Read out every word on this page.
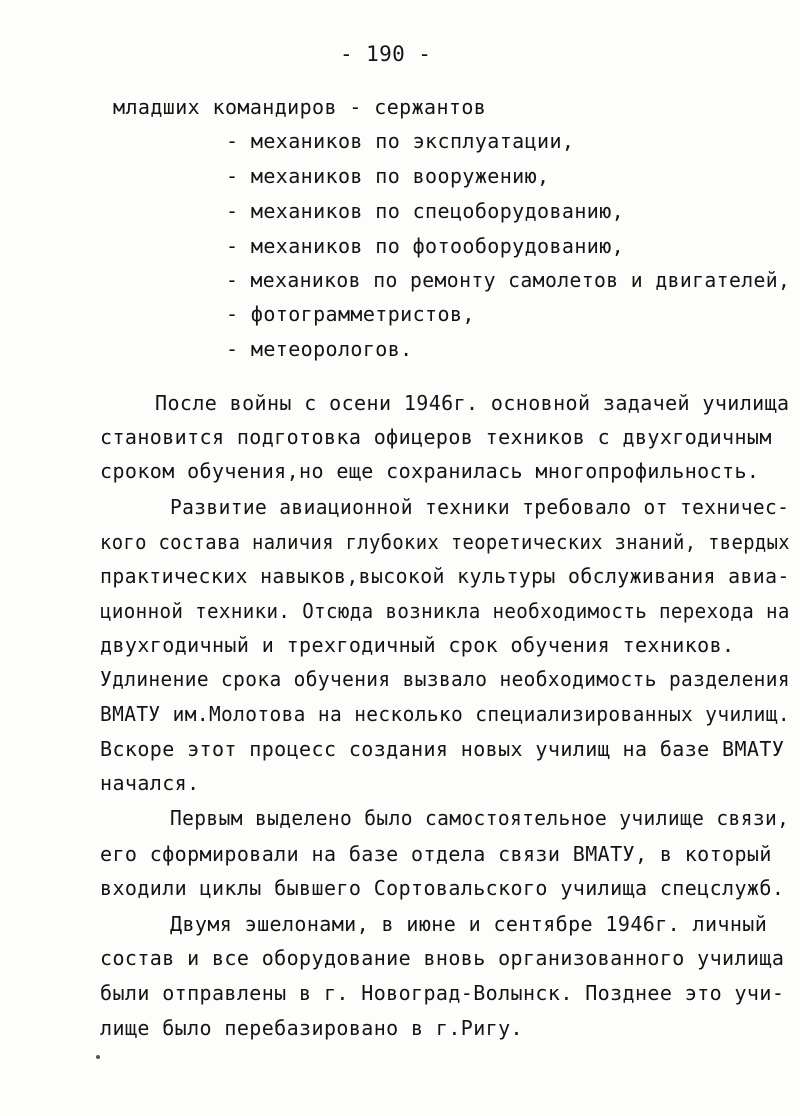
- 190 -
младших командиров - сержантов
- механиков по эксплуатации,
- механиков по вооружению,
- механиков по спецоборудованию,
- механиков по фотооборудованию,
- механиков по ремонту самолетов и двигателей,
- фотограмметристов,
- метеорологов.
После войны с осени 1946г. основной задачей училища
становится подготовка офицеров техников с двухгодичным
сроком обучения,но еще сохранилась многопрофильность.
Развитие авиационной техники требовало от техничес-
кого состава наличия глубоких теоретических знаний, твердых
практических навыков,высокой культуры обслуживания авиа-
ционной техники. Отсюда возникла необходимость перехода на
двухгодичный и трехгодичный срок обучения техников.
Удлинение срока обучения вызвало необходимость разделения
ВМАТУ им.Молотова на несколько специализированных училищ.
Вскоре этот процесс создания новых училищ на базе ВМАТУ
начался.
Первым выделено было самостоятельное училище связи,
его сформировали на базе отдела связи ВМАТУ, в который
входили циклы бывшего Сортовальского училища спецслужб.
Двумя эшелонами, в июне и сентябре 1946г. личный
состав и все оборудование вновь организованного училища
были отправлены в г. Новоград-Волынск. Позднее это учи-
лище было перебазировано в г.Ригу.
